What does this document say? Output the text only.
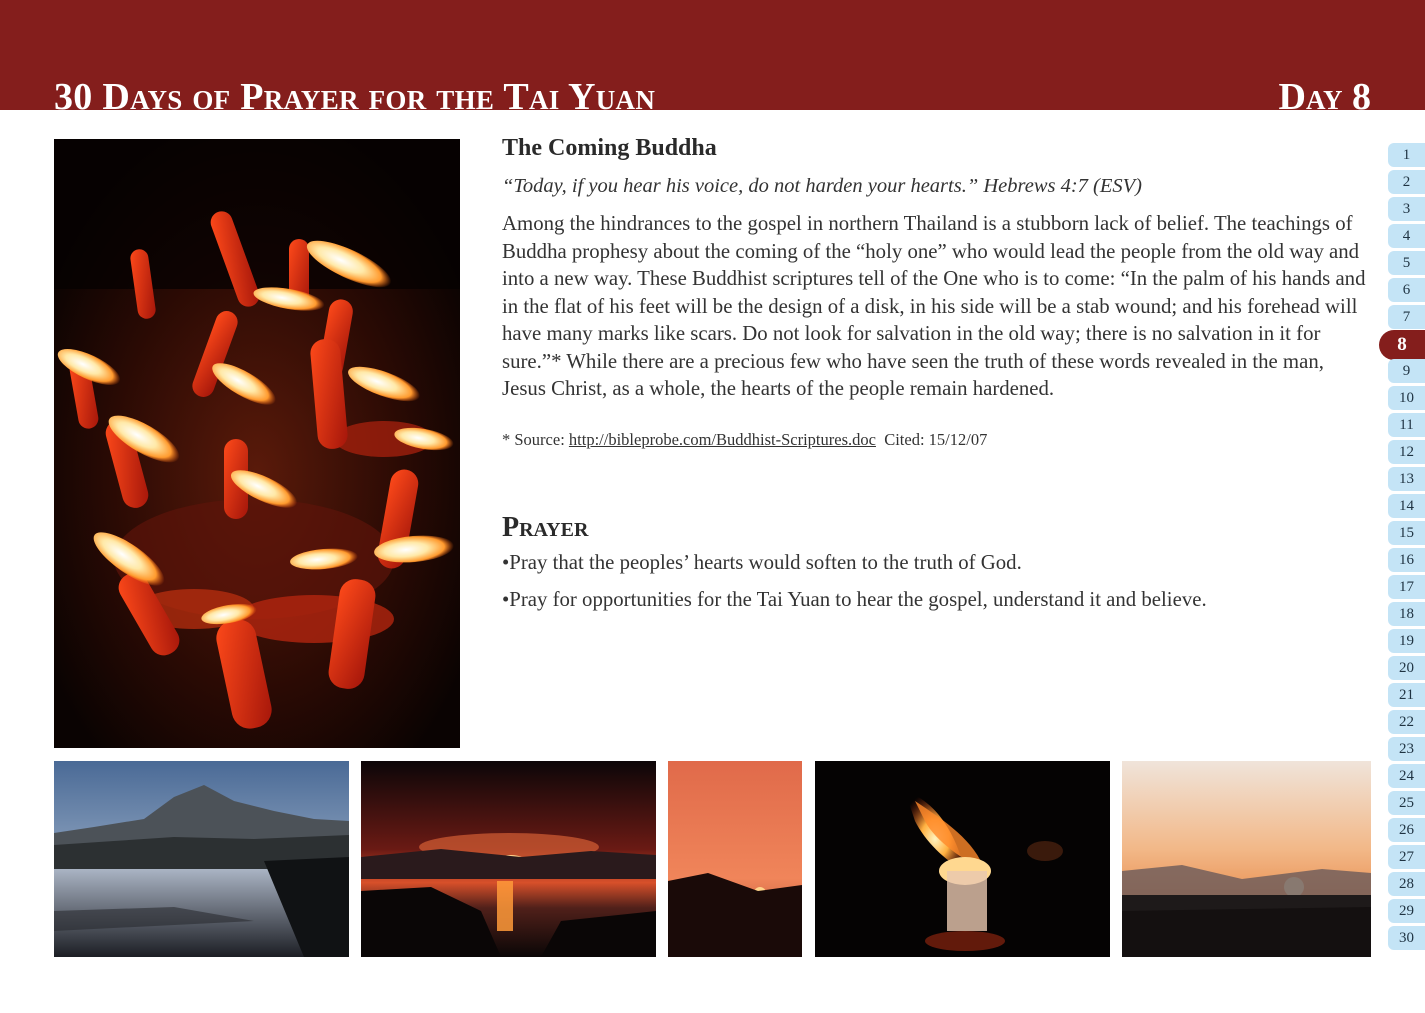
30 Days of Prayer for the Tai Yuan	Day 8
The Coming Buddha
“Today, if you hear his voice, do not harden your hearts.” Hebrews 4:7 (ESV)

Among the hindrances to the gospel in northern Thailand is a stubborn lack of belief. The teachings of Buddha prophesy about the coming of the “holy one” who would lead the people from the old way and into a new way. These Buddhist scriptures tell of the One who is to come: “In the palm of his hands and in the flat of his feet will be the design of a disk, in his side will be a stab wound; and his forehead will have many marks like scars. Do not look for salvation in the old way; there is no salvation in it for sure.”* While there are a precious few who have seen the truth of these words revealed in the man, Jesus Christ, as a whole, the hearts of the people remain hardened.

* Source: http://bibleprobe.com/Buddhist-Scriptures.doc Cited: 15/12/07
Prayer
•Pray that the peoples’ hearts would soften to the truth of God.
•Pray for opportunities for the Tai Yuan to hear the gospel, understand it and believe.
1
2
3
4
5
6
7
8
9
10
11
12
13
14
15
16
17
18
19
20
21
22
23
24
25
26
27
28
29
30
